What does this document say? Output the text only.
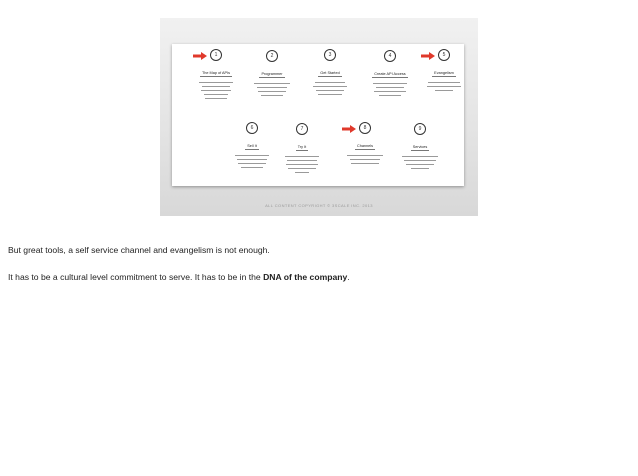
1
The Map of APIs
2
Programmer
3
Get Started
4
Create API Access
5
Evangelism
6
Sell It
7
Try It
8
Channels
9
Services
ALL CONTENT COPYRIGHT © 3SCALE INC. 2013
But great tools, a self service channel and evangelism is not enough.
It has to be a cultural level commitment to serve. It has to be in the DNA of the company.
